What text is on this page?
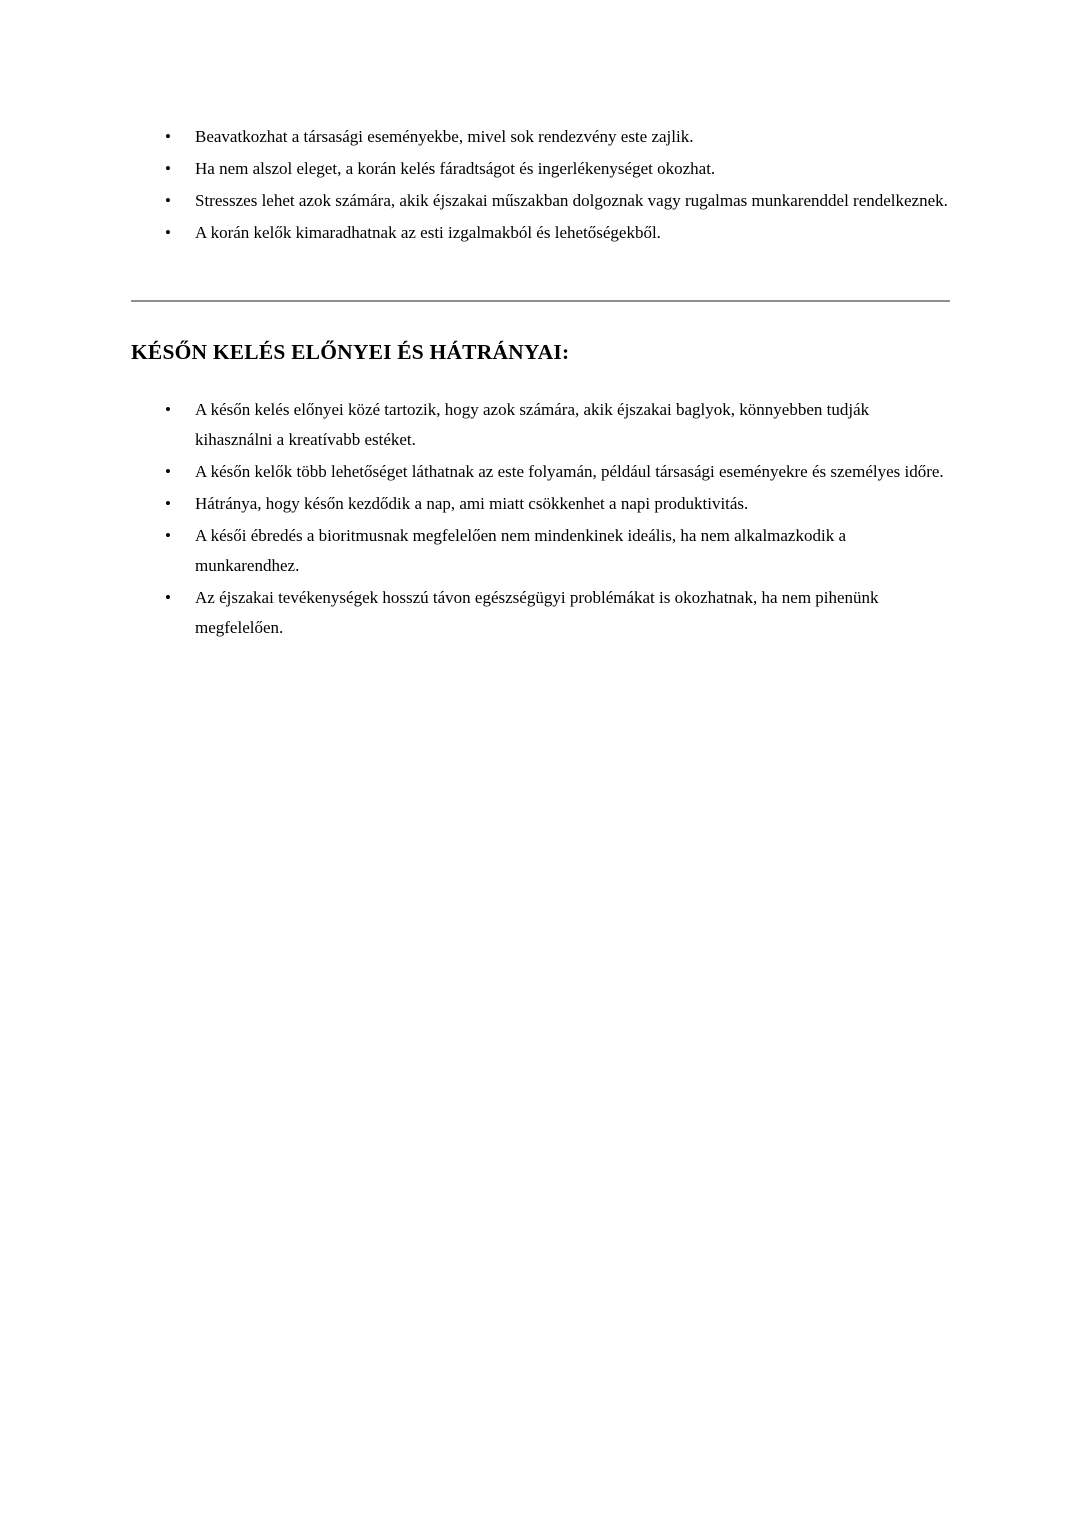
• Beavatkozhat a társasági eseményekbe, mivel sok rendezvény este zajlik.
• Ha nem alszol eleget, a korán kelés fáradtságot és ingerlékenységet okozhat.
• Stresszes lehet azok számára, akik éjszakai műszakban dolgoznak vagy rugalmas munkarenddel rendelkeznek.
• A korán kelők kimaradhatnak az esti izgalmakból és lehetőségekből.
KÉSŐN KELÉS ELŐNYEI ÉS HÁTRÁNYAI:
• A későn kelés előnyei közé tartozik, hogy azok számára, akik éjszakai baglyok, könnyebben tudják kihasználni a kreatívabb estéket.
• A későn kelők több lehetőséget láthatnak az este folyamán, például társasági eseményekre és személyes időre.
• Hátránya, hogy későn kezdődik a nap, ami miatt csökkenhet a napi produktivitás.
• A késői ébredés a bioritmusnak megfelelően nem mindenkinek ideális, ha nem alkalmazkodik a munkarendhez.
• Az éjszakai tevékenységek hosszú távon egészségügyi problémákat is okozhatnak, ha nem pihenünk megfelelően.
